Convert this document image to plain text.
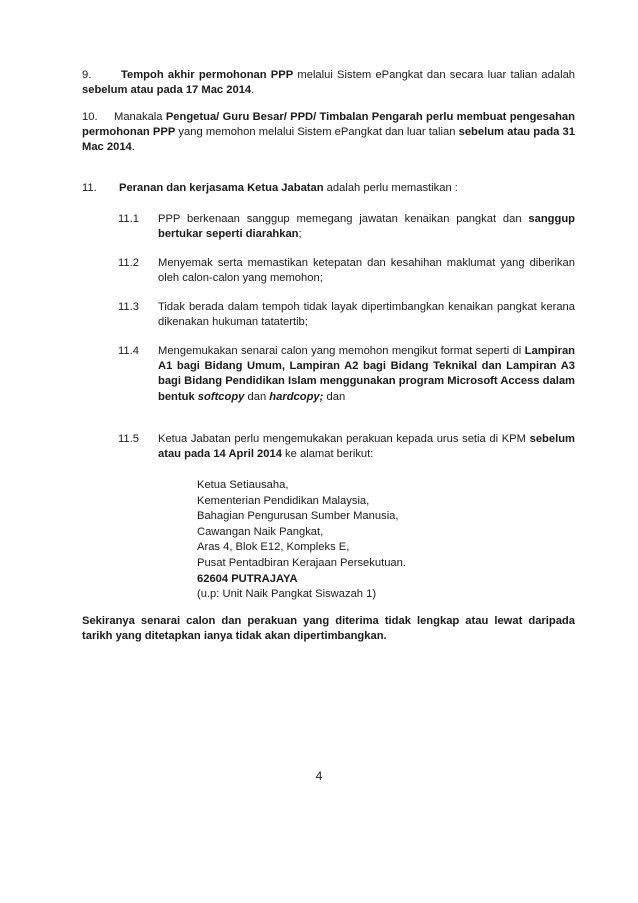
9.	Tempoh akhir permohonan PPP melalui Sistem ePangkat dan secara luar talian adalah sebelum atau pada 17 Mac 2014.
10. Manakala Pengetua/ Guru Besar/ PPD/ Timbalan Pengarah perlu membuat pengesahan permohonan PPP yang memohon melalui Sistem ePangkat dan luar talian sebelum atau pada 31 Mac 2014.
11. Peranan dan kerjasama Ketua Jabatan adalah perlu memastikan :
11.1	PPP berkenaan sanggup memegang jawatan kenaikan pangkat dan sanggup bertukar seperti diarahkan;
11.2	Menyemak serta memastikan ketepatan dan kesahihan maklumat yang diberikan oleh calon-calon yang memohon;
11.3	Tidak berada dalam tempoh tidak layak dipertimbangkan kenaikan pangkat kerana dikenakan hukuman tatatertib;
11.4	Mengemukakan senarai calon yang memohon mengikut format seperti di Lampiran A1 bagi Bidang Umum, Lampiran A2 bagi Bidang Teknikal dan Lampiran A3 bagi Bidang Pendidikan Islam menggunakan program Microsoft Access dalam bentuk softcopy dan hardcopy; dan
11.5	Ketua Jabatan perlu mengemukakan perakuan kepada urus setia di KPM sebelum atau pada 14 April 2014 ke alamat berikut:
Ketua Setiausaha,
Kementerian Pendidikan Malaysia,
Bahagian Pengurusan Sumber Manusia,
Cawangan Naik Pangkat,
Aras 4, Blok E12, Kompleks E,
Pusat Pentadbiran Kerajaan Persekutuan.
62604 PUTRAJAYA
(u.p: Unit Naik Pangkat Siswazah 1)
Sekiranya senarai calon dan perakuan yang diterima tidak lengkap atau lewat daripada tarikh yang ditetapkan ianya tidak akan dipertimbangkan.
4
